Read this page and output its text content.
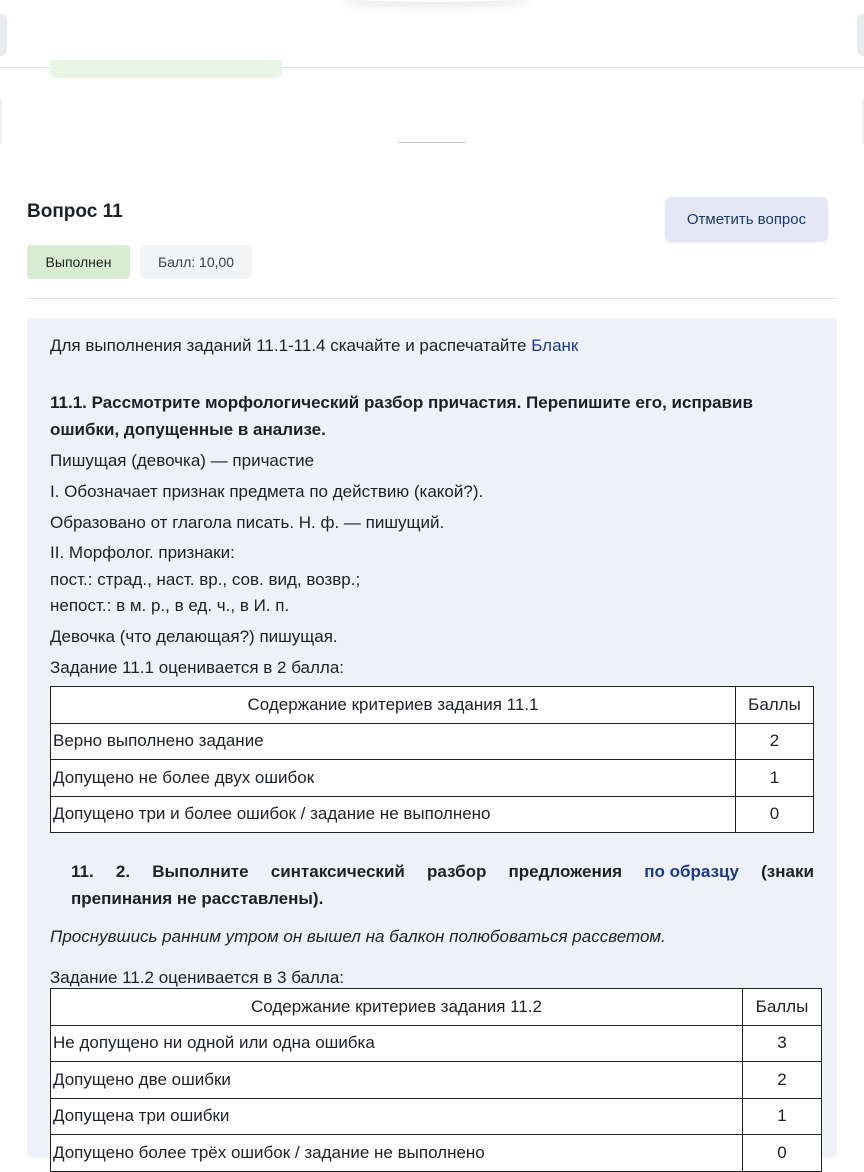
Вопрос 11	Отметить вопрос
Выполнен	Балл: 10,00
Для выполнения заданий 11.1-11.4 скачайте и распечатайте Бланк
11.1. Рассмотрите морфологический разбор причастия. Перепишите его, исправив
ошибки, допущенные в анализе.
Пишущая (девочка) — причастие
I. Обозначает признак предмета по действию (какой?).
Образовано от глагола писать. Н. ф. — пишущий.
II. Морфолог. признаки:
пост.: страд., наст. вр., сов. вид, возвр.;
непост.: в м. р., в ед. ч., в И. п.
Девочка (что делающая?) пишущая.
Задание 11.1 оценивается в 2 балла:
Содержание критериев задания 11.1	Баллы
Верно выполнено задание	2
Допущено не более двух ошибок	1
Допущено три и более ошибок / задание не выполнено	0
11. 2. Выполните синтаксический разбор предложения по образцу (знаки
препинания не расставлены).
Проснувшись ранним утром он вышел на балкон полюбоваться рассветом.
Задание 11.2 оценивается в 3 балла:
Содержание критериев задания 11.2	Баллы
Не допущено ни одной или одна ошибка	3
Допущено две ошибки	2
Допущена три ошибки	1
Допущено более трёх ошибок / задание не выполнено	0
